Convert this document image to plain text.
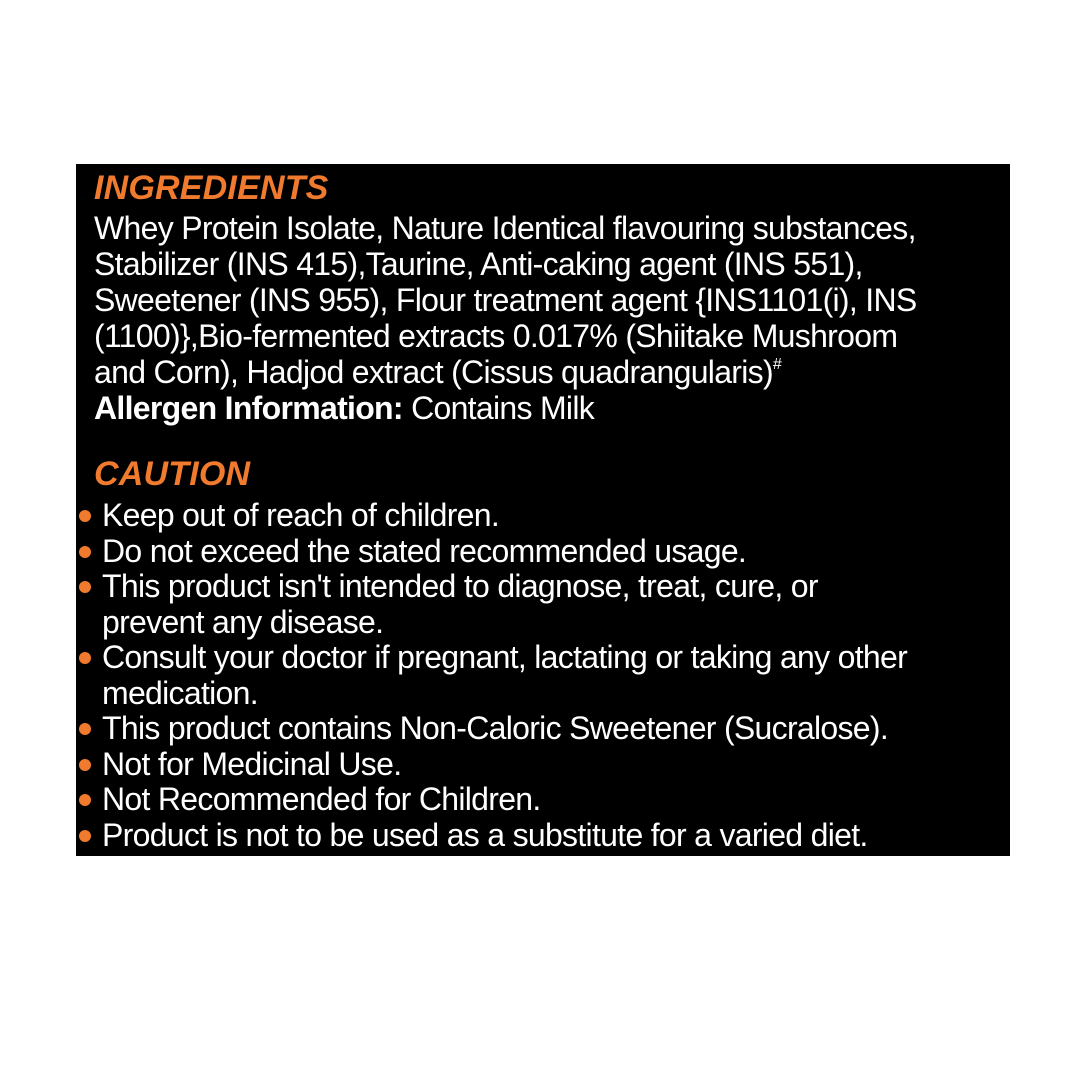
INGREDIENTS
Whey Protein Isolate, Nature Identical flavouring substances,
Stabilizer (INS 415),Taurine, Anti-caking agent (INS 551),
Sweetener (INS 955), Flour treatment agent {INS1101(i), INS
(1100)},Bio-fermented extracts 0.017% (Shiitake Mushroom
and Corn), Hadjod extract (Cissus quadrangularis)#
Allergen Information: Contains Milk
CAUTION
Keep out of reach of children.
Do not exceed the stated recommended usage.
This product isn't intended to diagnose, treat, cure, or
prevent any disease.
Consult your doctor if pregnant, lactating or taking any other
medication.
This product contains Non-Caloric Sweetener (Sucralose).
Not for Medicinal Use.
Not Recommended for Children.
Product is not to be used as a substitute for a varied diet.
